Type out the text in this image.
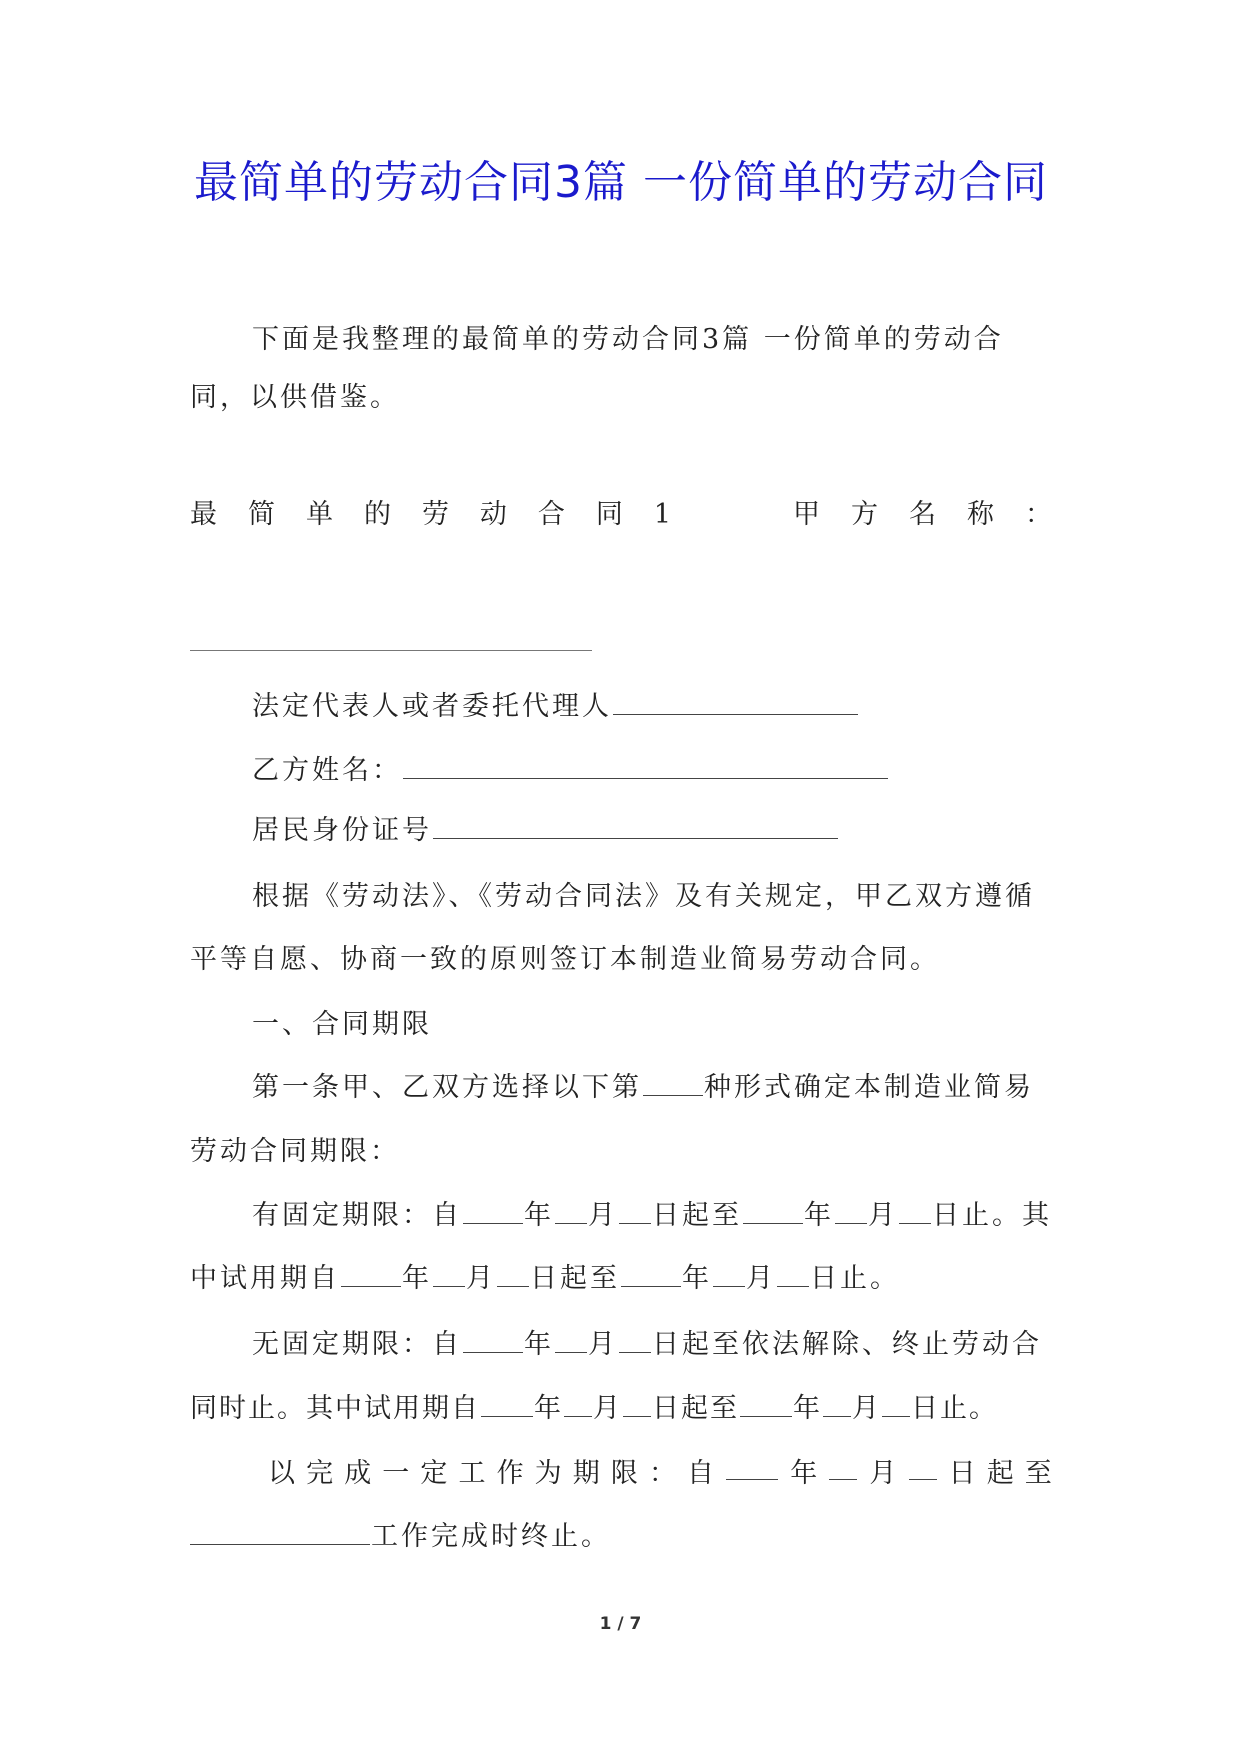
最简单的劳动合同3篇 一份简单的劳动合同
下面是我整理的最简单的劳动合同3篇 一份简单的劳动合
同，以供借鉴。
最 简 单 的 劳 动 合 同 1	甲 方 名 称 ：
法定代表人或者委托代理人
乙方姓名：
居民身份证号
根据《劳动法》、《劳动合同法》及有关规定，甲乙双方遵循
平等自愿、协商一致的原则签订本制造业简易劳动合同。
一、合同期限
第一条甲、乙双方选择以下第 种形式确定本制造业简易
劳动合同期限：
有固定期限：自 年 月 日起至 年 月 日止。其
中试用期自 年 月 日起至 年 月 日止。
无固定期限：自 年 月 日起至依法解除、终止劳动合
同时止。其中试用期自 年 月 日起至 年 月 日止。
以 完 成 一 定 工 作 为 期 限 ： 自	年 月 日 起 至
工作完成时终止。
1 / 7
